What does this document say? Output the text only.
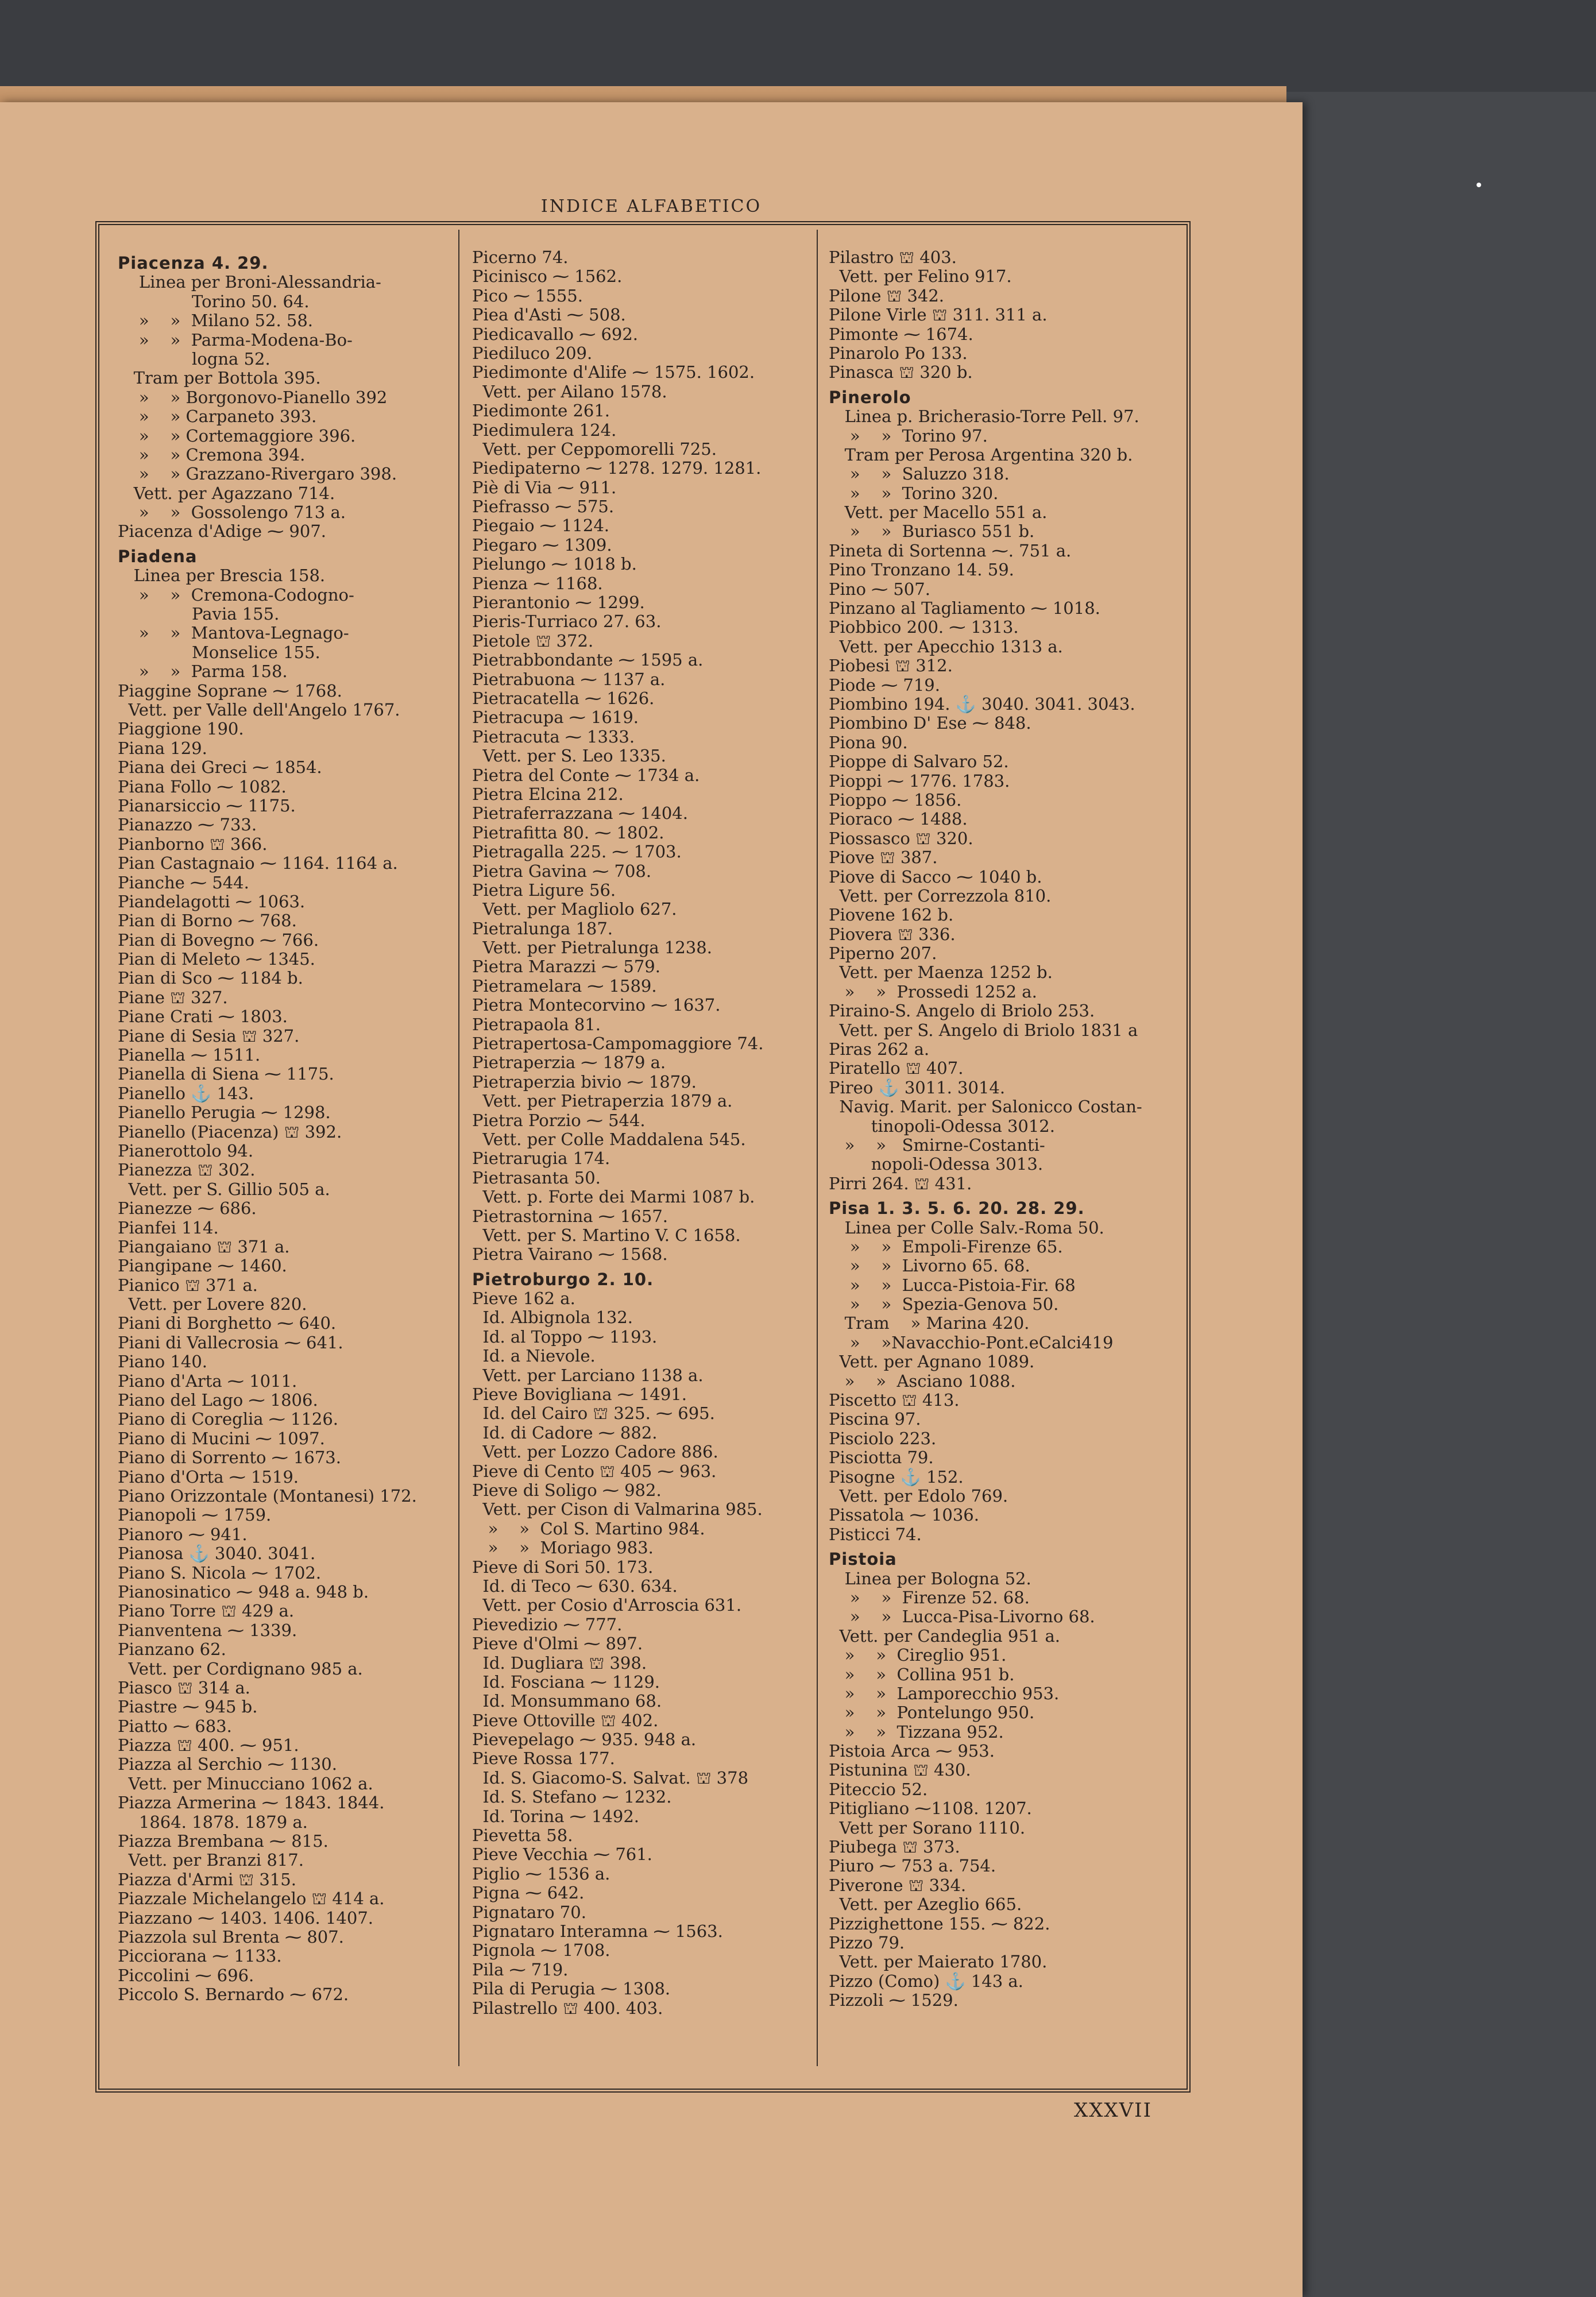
INDICE ALFABETICO
Piacenza 4. 29.
Linea per Broni-Alessandria-
Torino 50. 64.
»    »  Milano 52. 58.
»    »  Parma-Modena-Bo-
logna 52.
Tram per Bottola 395.
»    » Borgonovo-Pianello 392
»    » Carpaneto 393.
»    » Cortemaggiore 396.
»    » Cremona 394.
»    » Grazzano-Rivergaro 398.
Vett. per Agazzano 714.
»    »  Gossolengo 713 a.
Piacenza d'Adige ⁓ 907.
Piadena
Linea per Brescia 158.
»    »  Cremona-Codogno-
Pavia 155.
»    »  Mantova-Legnago-
Monselice 155.
»    »  Parma 158.
Piaggine Soprane ⁓ 1768.
Vett. per Valle dell'Angelo 1767.
Piaggione 190.
Piana 129.
Piana dei Greci ⁓ 1854.
Piana Follo ⁓ 1082.
Pianarsiccio ⁓ 1175.
Pianazzo ⁓ 733.
Pianborno ⛫ 366.
Pian Castagnaio ⁓ 1164. 1164 a.
Pianche ⁓ 544.
Piandelagotti ⁓ 1063.
Pian di Borno ⁓ 768.
Pian di Bovegno ⁓ 766.
Pian di Meleto ⁓ 1345.
Pian di Sco ⁓ 1184 b.
Piane ⛫ 327.
Piane Crati ⁓ 1803.
Piane di Sesia ⛫ 327.
Pianella ⁓ 1511.
Pianella di Siena ⁓ 1175.
Pianello ⚓ 143.
Pianello Perugia ⁓ 1298.
Pianello (Piacenza) ⛫ 392.
Pianerottolo 94.
Pianezza ⛫ 302.
Vett. per S. Gillio 505 a.
Pianezze ⁓ 686.
Pianfei 114.
Piangaiano ⛫ 371 a.
Piangipane ⁓ 1460.
Pianico ⛫ 371 a.
Vett. per Lovere 820.
Piani di Borghetto ⁓ 640.
Piani di Vallecrosia ⁓ 641.
Piano 140.
Piano d'Arta ⁓ 1011.
Piano del Lago ⁓ 1806.
Piano di Coreglia ⁓ 1126.
Piano di Mucini ⁓ 1097.
Piano di Sorrento ⁓ 1673.
Piano d'Orta ⁓ 1519.
Piano Orizzontale (Montanesi) 172.
Pianopoli ⁓ 1759.
Pianoro ⁓ 941.
Pianosa ⚓ 3040. 3041.
Piano S. Nicola ⁓ 1702.
Pianosinatico ⁓ 948 a. 948 b.
Piano Torre ⛫ 429 a.
Pianventena ⁓ 1339.
Pianzano 62.
Vett. per Cordignano 985 a.
Piasco ⛫ 314 a.
Piastre ⁓ 945 b.
Piatto ⁓ 683.
Piazza ⛫ 400. ⁓ 951.
Piazza al Serchio ⁓ 1130.
Vett. per Minucciano 1062 a.
Piazza Armerina ⁓ 1843. 1844.
1864. 1878. 1879 a.
Piazza Brembana ⁓ 815.
Vett. per Branzi 817.
Piazza d'Armi ⛫ 315.
Piazzale Michelangelo ⛫ 414 a.
Piazzano ⁓ 1403. 1406. 1407.
Piazzola sul Brenta ⁓ 807.
Picciorana ⁓ 1133.
Piccolini ⁓ 696.
Piccolo S. Bernardo ⁓ 672.
Picerno 74.
Picinisco ⁓ 1562.
Pico ⁓ 1555.
Piea d'Asti ⁓ 508.
Piedicavallo ⁓ 692.
Piediluco 209.
Piedimonte d'Alife ⁓ 1575. 1602.
Vett. per Ailano 1578.
Piedimonte 261.
Piedimulera 124.
Vett. per Ceppomorelli 725.
Piedipaterno ⁓ 1278. 1279. 1281.
Piè di Via ⁓ 911.
Piefrasso ⁓ 575.
Piegaio ⁓ 1124.
Piegaro ⁓ 1309.
Pielungo ⁓ 1018 b.
Pienza ⁓ 1168.
Pierantonio ⁓ 1299.
Pieris-Turriaco 27. 63.
Pietole ⛫ 372.
Pietrabbondante ⁓ 1595 a.
Pietrabuona ⁓ 1137 a.
Pietracatella ⁓ 1626.
Pietracupa ⁓ 1619.
Pietracuta ⁓ 1333.
Vett. per S. Leo 1335.
Pietra del Conte ⁓ 1734 a.
Pietra Elcina 212.
Pietraferrazzana ⁓ 1404.
Pietrafitta 80. ⁓ 1802.
Pietragalla 225. ⁓ 1703.
Pietra Gavina ⁓ 708.
Pietra Ligure 56.
Vett. per Magliolo 627.
Pietralunga 187.
Vett. per Pietralunga 1238.
Pietra Marazzi ⁓ 579.
Pietramelara ⁓ 1589.
Pietra Montecorvino ⁓ 1637.
Pietrapaola 81.
Pietrapertosa-Campomaggiore 74.
Pietraperzia ⁓ 1879 a.
Pietraperzia bivio ⁓ 1879.
Vett. per Pietraperzia 1879 a.
Pietra Porzio ⁓ 544.
Vett. per Colle Maddalena 545.
Pietrarugia 174.
Pietrasanta 50.
Vett. p. Forte dei Marmi 1087 b.
Pietrastornina ⁓ 1657.
Vett. per S. Martino V. C 1658.
Pietra Vairano ⁓ 1568.
Pietroburgo 2. 10.
Pieve 162 a.
Id. Albignola 132.
Id. al Toppo ⁓ 1193.
Id. a Nievole.
Vett. per Larciano 1138 a.
Pieve Bovigliana ⁓ 1491.
Id. del Cairo ⛫ 325. ⁓ 695.
Id. di Cadore ⁓ 882.
Vett. per Lozzo Cadore 886.
Pieve di Cento ⛫ 405 ⁓ 963.
Pieve di Soligo ⁓ 982.
Vett. per Cison di Valmarina 985.
»    »  Col S. Martino 984.
»    »  Moriago 983.
Pieve di Sori 50. 173.
Id. di Teco ⁓ 630. 634.
Vett. per Cosio d'Arroscia 631.
Pievedizio ⁓ 777.
Pieve d'Olmi ⁓ 897.
Id. Dugliara ⛫ 398.
Id. Fosciana ⁓ 1129.
Id. Monsummano 68.
Pieve Ottoville ⛫ 402.
Pievepelago ⁓ 935. 948 a.
Pieve Rossa 177.
Id. S. Giacomo-S. Salvat. ⛫ 378
Id. S. Stefano ⁓ 1232.
Id. Torina ⁓ 1492.
Pievetta 58.
Pieve Vecchia ⁓ 761.
Piglio ⁓ 1536 a.
Pigna ⁓ 642.
Pignataro 70.
Pignataro Interamna ⁓ 1563.
Pignola ⁓ 1708.
Pila ⁓ 719.
Pila di Perugia ⁓ 1308.
Pilastrello ⛫ 400. 403.
Pilastro ⛫ 403.
Vett. per Felino 917.
Pilone ⛫ 342.
Pilone Virle ⛫ 311. 311 a.
Pimonte ⁓ 1674.
Pinarolo Po 133.
Pinasca ⛫ 320 b.
Pinerolo
Linea p. Bricherasio-Torre Pell. 97.
»    »  Torino 97.
Tram per Perosa Argentina 320 b.
»    »  Saluzzo 318.
»    »  Torino 320.
Vett. per Macello 551 a.
»    »  Buriasco 551 b.
Pineta di Sortenna ⁓. 751 a.
Pino Tronzano 14. 59.
Pino ⁓ 507.
Pinzano al Tagliamento ⁓ 1018.
Piobbico 200. ⁓ 1313.
Vett. per Apecchio 1313 a.
Piobesi ⛫ 312.
Piode ⁓ 719.
Piombino 194. ⚓ 3040. 3041. 3043.
Piombino D' Ese ⁓ 848.
Piona 90.
Pioppe di Salvaro 52.
Pioppi ⁓ 1776. 1783.
Pioppo ⁓ 1856.
Pioraco ⁓ 1488.
Piossasco ⛫ 320.
Piove ⛫ 387.
Piove di Sacco ⁓ 1040 b.
Vett. per Correzzola 810.
Piovene 162 b.
Piovera ⛫ 336.
Piperno 207.
Vett. per Maenza 1252 b.
»    »  Prossedi 1252 a.
Piraino-S. Angelo di Briolo 253.
Vett. per S. Angelo di Briolo 1831 a
Piras 262 a.
Piratello ⛫ 407.
Pireo ⚓ 3011. 3014.
Navig. Marit. per Salonicco Costan-
tinopoli-Odessa 3012.
»    »   Smirne-Costanti-
nopoli-Odessa 3013.
Pirri 264. ⛫ 431.
Pisa 1. 3. 5. 6. 20. 28. 29.
Linea per Colle Salv.-Roma 50.
»    »  Empoli-Firenze 65.
»    »  Livorno 65. 68.
»    »  Lucca-Pistoia-Fir. 68
»    »  Spezia-Genova 50.
Tram    » Marina 420.
»    »Navacchio-Pont.eCalci419
Vett. per Agnano 1089.
»    »  Asciano 1088.
Piscetto ⛫ 413.
Piscina 97.
Pisciolo 223.
Pisciotta 79.
Pisogne ⚓ 152.
Vett. per Edolo 769.
Pissatola ⁓ 1036.
Pisticci 74.
Pistoia
Linea per Bologna 52.
»    »  Firenze 52. 68.
»    »  Lucca-Pisa-Livorno 68.
Vett. per Candeglia 951 a.
»    »  Cireglio 951.
»    »  Collina 951 b.
»    »  Lamporecchio 953.
»    »  Pontelungo 950.
»    »  Tizzana 952.
Pistoia Arca ⁓ 953.
Pistunina ⛫ 430.
Piteccio 52.
Pitigliano ⁓1108. 1207.
Vett per Sorano 1110.
Piubega ⛫ 373.
Piuro ⁓ 753 a. 754.
Piverone ⛫ 334.
Vett. per Azeglio 665.
Pizzighettone 155. ⁓ 822.
Pizzo 79.
Vett. per Maierato 1780.
Pizzo (Como) ⚓ 143 a.
Pizzoli ⁓ 1529.
XXXVII
